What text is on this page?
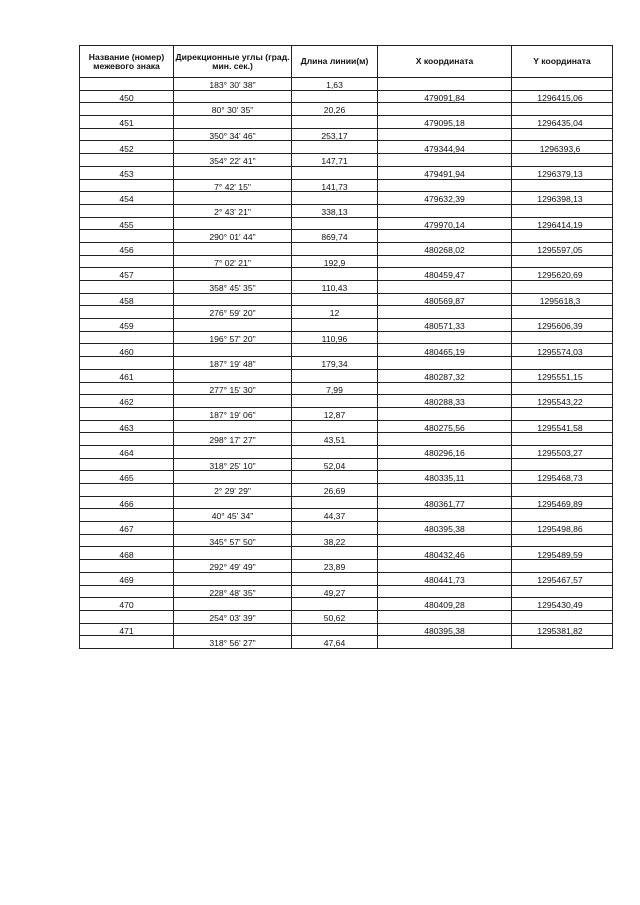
Название (номер) межевого знака	Дирекционные углы (град. мин. сек.)	Длина линии(м)	X координата	Y координата
	183° 30' 38"	1,63		
450			479091,84	1296415,06
	80° 30' 35"	20,26		
451			479095,18	1296435,04
	350° 34' 46"	253,17		
452			479344,94	1296393,6
	354° 22' 41"	147,71		
453			479491,94	1296379,13
	7° 42' 15"	141,73		
454			479632,39	1296398,13
	2° 43' 21"	338,13		
455			479970,14	1296414,19
	290° 01' 44"	869,74		
456			480268,02	1295597,05
	7° 02' 21"	192,9		
457			480459,47	1295620,69
	358° 45' 35"	110,43		
458			480569,87	1295618,3
	276° 59' 20"	12		
459			480571,33	1295606,39
	196° 57' 20"	110,96		
460			480465,19	1295574,03
	187° 19' 48"	179,34		
461			480287,32	1295551,15
	277° 15' 30"	7,99		
462			480288,33	1295543,22
	187° 19' 06"	12,87		
463			480275,56	1295541,58
	298° 17' 27"	43,51		
464			480296,16	1295503,27
	318° 25' 10"	52,04		
465			480335,11	1295468,73
	2° 29' 29"	26,69		
466			480361,77	1295469,89
	40° 45' 34"	44,37		
467			480395,38	1295498,86
	345° 57' 50"	38,22		
468			480432,46	1295489,59
	292° 49' 49"	23,89		
469			480441,73	1295467,57
	228° 48' 35"	49,27		
470			480409,28	1295430,49
	254° 03' 39"	50,62		
471			480395,38	1295381,82
	318° 56' 27"	47,64		
